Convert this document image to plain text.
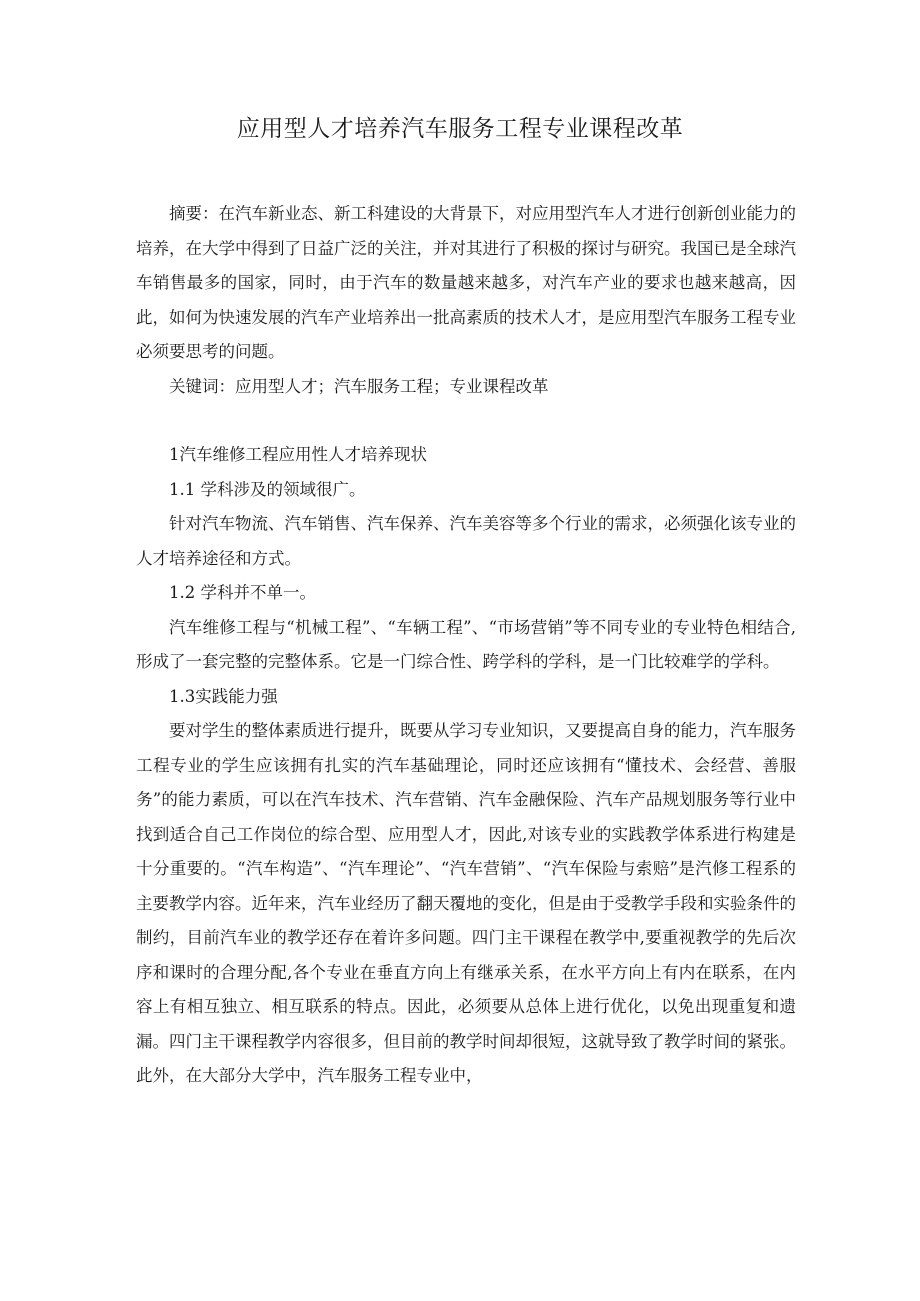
应用型人才培养汽车服务工程专业课程改革

摘要：在汽车新业态、新工科建设的大背景下，对应用型汽车人才进行创新创业能力的培养，在大学中得到了日益广泛的关注，并对其进行了积极的探讨与研究。我国已是全球汽车销售最多的国家，同时，由于汽车的数量越来越多，对汽车产业的要求也越来越高，因此，如何为快速发展的汽车产业培养出一批高素质的技术人才，是应用型汽车服务工程专业必须要思考的问题。

关键词：应用型人才；汽车服务工程；专业课程改革

1汽车维修工程应用性人才培养现状

1.1 学科涉及的领域很广。

针对汽车物流、汽车销售、汽车保养、汽车美容等多个行业的需求，必须强化该专业的人才培养途径和方式。

1.2 学科并不单一。

汽车维修工程与“机械工程”、“车辆工程”、“市场营销”等不同专业的专业特色相结合,形成了一套完整的完整体系。它是一门综合性、跨学科的学科，是一门比较难学的学科。

1.3实践能力强

要对学生的整体素质进行提升，既要从学习专业知识，又要提高自身的能力，汽车服务工程专业的学生应该拥有扎实的汽车基础理论，同时还应该拥有“懂技术、会经营、善服务”的能力素质，可以在汽车技术、汽车营销、汽车金融保险、汽车产品规划服务等行业中找到适合自己工作岗位的综合型、应用型人才，因此,对该专业的实践教学体系进行构建是十分重要的。“汽车构造”、“汽车理论”、“汽车营销”、“汽车保险与索赔”是汽修工程系的主要教学内容。近年来，汽车业经历了翻天覆地的变化，但是由于受教学手段和实验条件的制约，目前汽车业的教学还存在着许多问题。四门主干课程在教学中,要重视教学的先后次序和课时的合理分配,各个专业在垂直方向上有继承关系，在水平方向上有内在联系，在内容上有相互独立、相互联系的特点。因此，必须要从总体上进行优化，以免出现重复和遗漏。四门主干课程教学内容很多，但目前的教学时间却很短，这就导致了教学时间的紧张。此外，在大部分大学中，汽车服务工程专业中，
